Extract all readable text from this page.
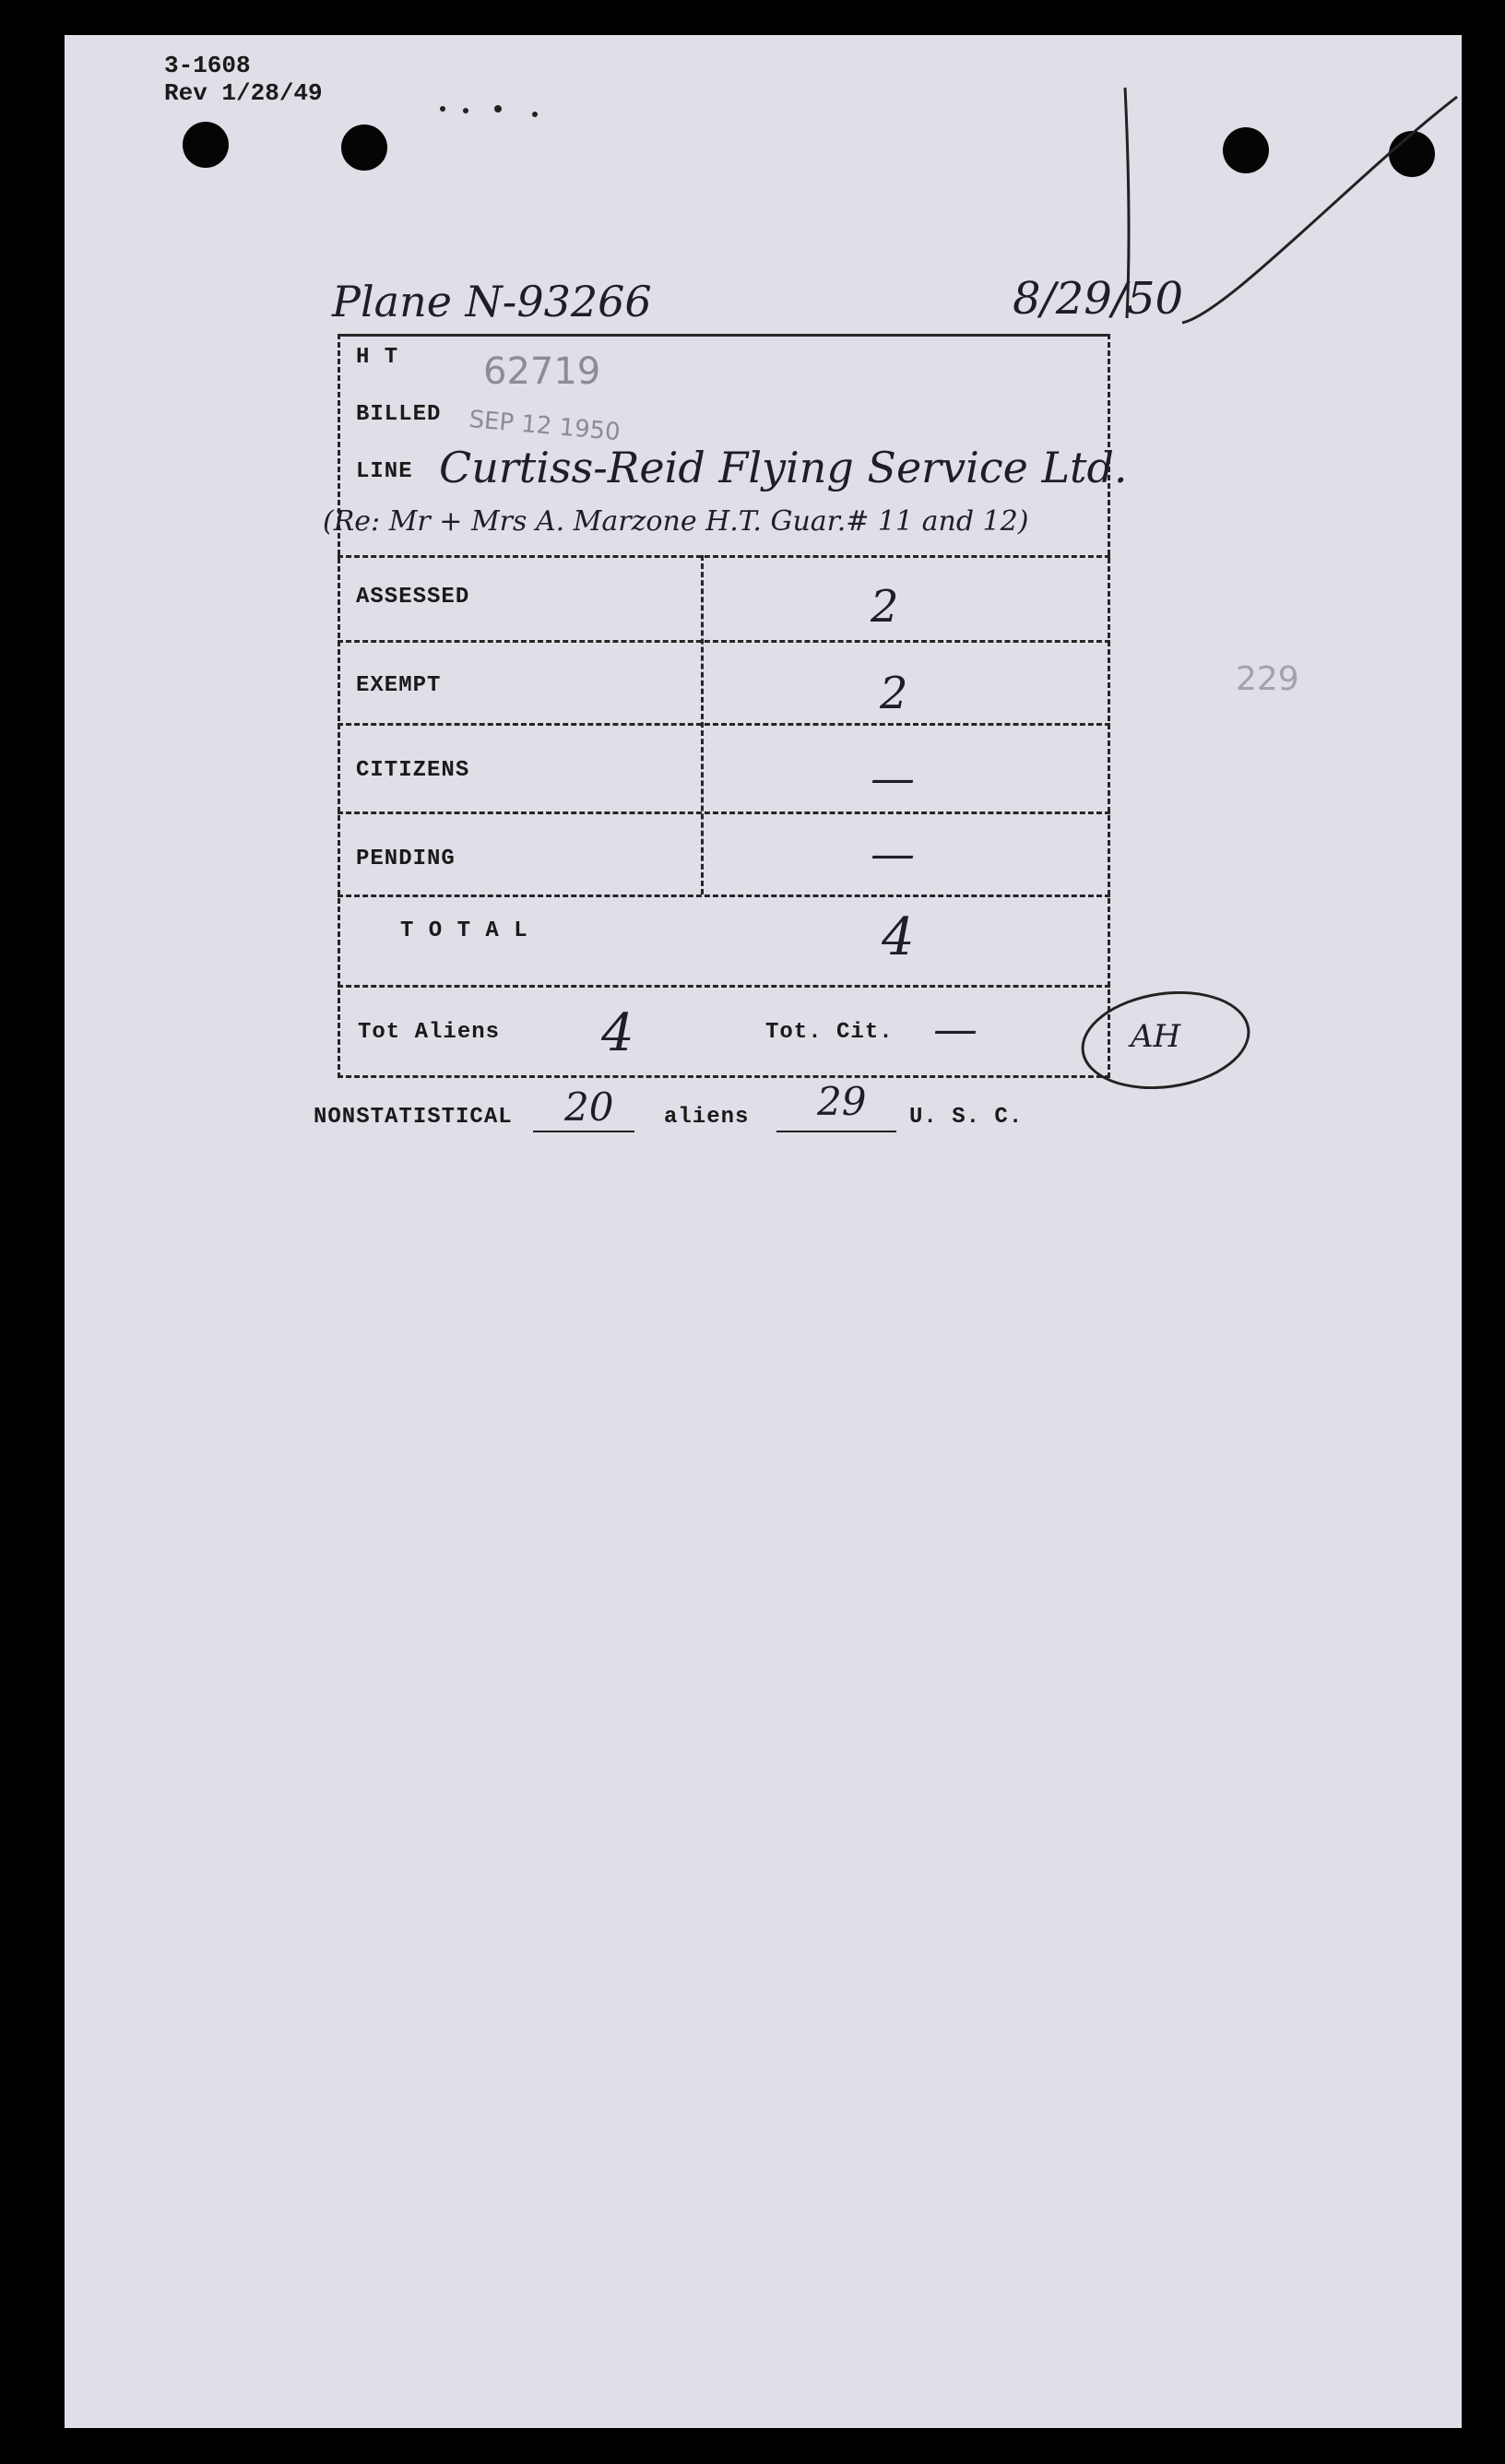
3-1608
Rev 1/28/49
Plane N-93266	8/29/50
H T 62719
BILLED SEP 12 1950
LINE Curtiss-Reid Flying Service Ltd.
(Re: Mr + Mrs A. Marzone H.T. Guar.# 11 and 12)
ASSESSED	2
EXEMPT	2
CITIZENS	—
PENDING	—
T O T A L	4
Tot Aliens 4	Tot. Cit. —	AH
229
NONSTATISTICAL 20 aliens 29 U. S. C.
